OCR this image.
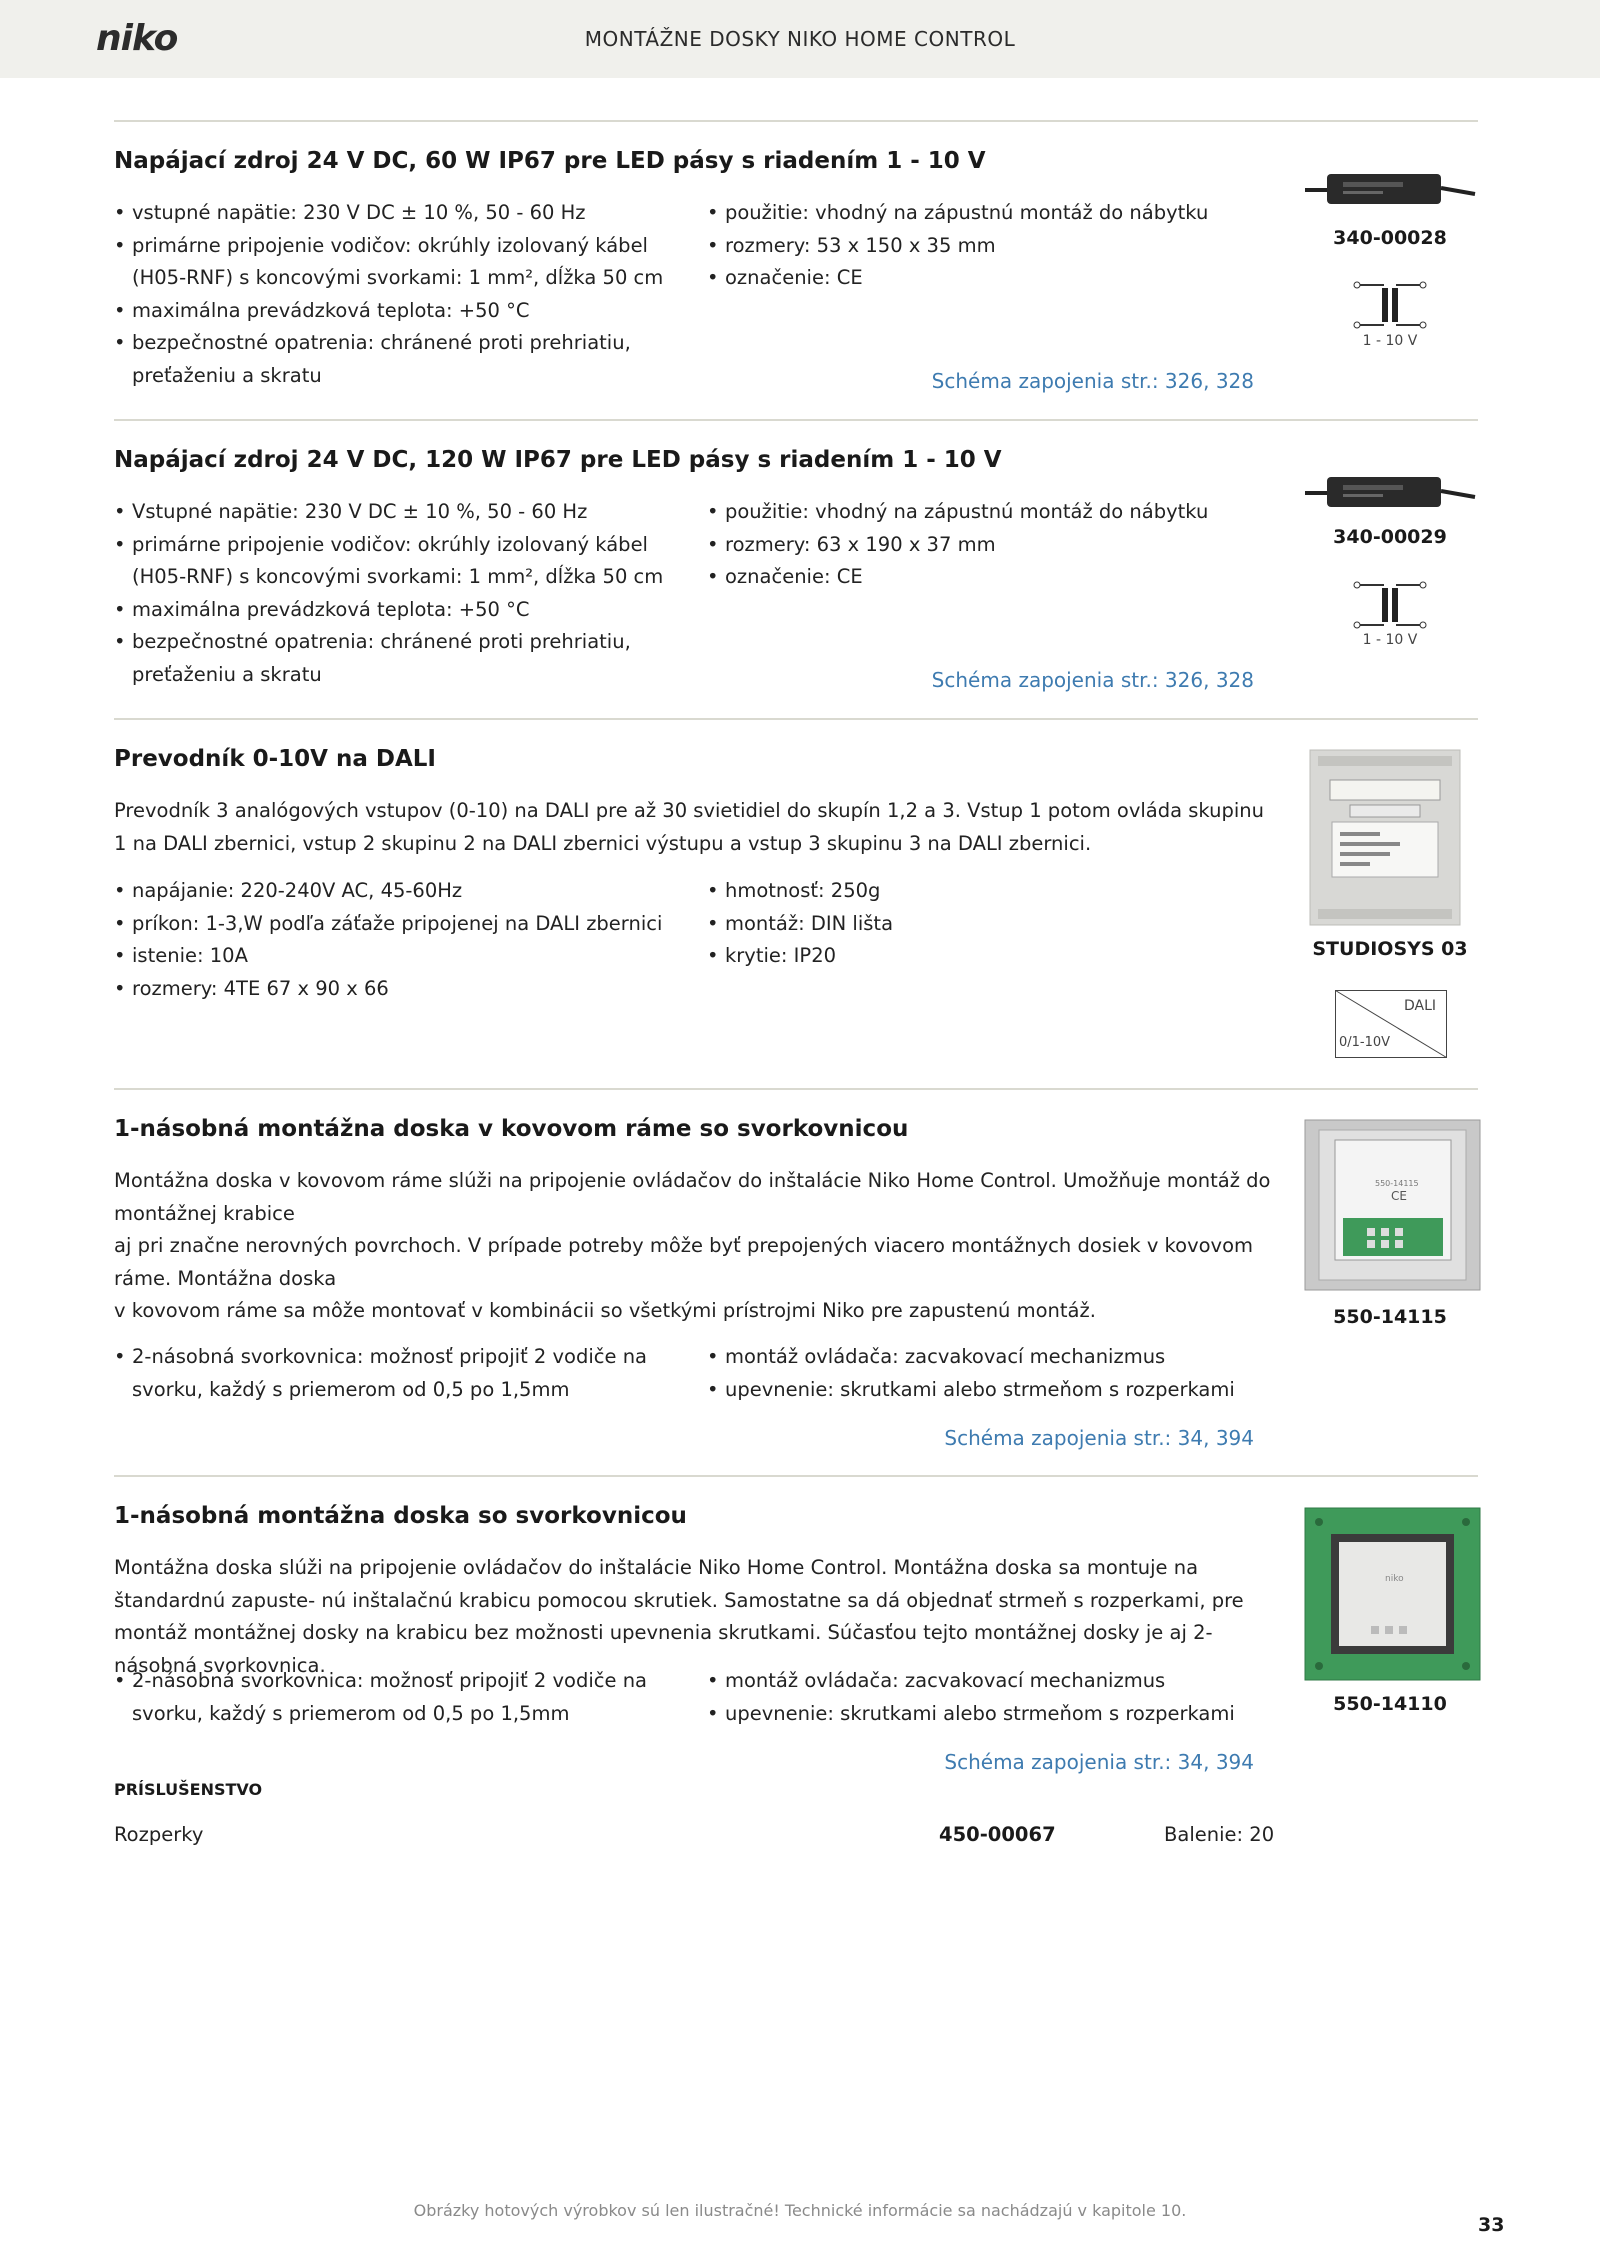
niko	MONTÁŽNE DOSKY NIKO HOME CONTROL
Napájací zdroj 24 V DC, 60 W IP67 pre LED pásy s riadením 1 - 10 V
• vstupné napätie: 230 V DC ± 10 %, 50 - 60 Hz
• primárne pripojenie vodičov: okrúhly izolovaný kábel (H05-RNF) s koncovými svorkami: 1 mm², dĺžka 50 cm
• maximálna prevádzková teplota: +50 °C
• bezpečnostné opatrenia: chránené proti prehriatiu, preťaženiu a skratu
• použitie: vhodný na zápustnú montáž do nábytku
• rozmery: 53 x 150 x 35 mm
• označenie: CE
Schéma zapojenia str.: 326, 328
340-00028
1 - 10 V
Napájací zdroj 24 V DC, 120 W IP67 pre LED pásy s riadením 1 - 10 V
• Vstupné napätie: 230 V DC ± 10 %, 50 - 60 Hz
• primárne pripojenie vodičov: okrúhly izolovaný kábel (H05-RNF) s koncovými svorkami: 1 mm², dĺžka 50 cm
• maximálna prevádzková teplota: +50 °C
• bezpečnostné opatrenia: chránené proti prehriatiu, preťaženiu a skratu
• použitie: vhodný na zápustnú montáž do nábytku
• rozmery: 63 x 190 x 37 mm
• označenie: CE
Schéma zapojenia str.: 326, 328
340-00029
1 - 10 V
Prevodník 0-10V na DALI

Prevodník 3 analógových vstupov (0-10) na DALI pre až 30 svietidiel do skupín 1,2 a 3. Vstup 1 potom ovláda skupinu 1 na DALI zbernici, vstup 2 skupinu 2 na DALI zbernici výstupu a vstup 3 skupinu 3 na DALI zbernici.

• napájanie: 220-240V AC, 45-60Hz
• príkon: 1-3,W podľa záťaže pripojenej na DALI zbernici
• istenie: 10A
• rozmery: 4TE 67 x 90 x 66
• hmotnosť: 250g
• montáž: DIN lišta
• krytie: IP20	STUDIOSYS 03
DALI
0/1-10V
1-násobná montážna doska v kovovom ráme so svorkovnicou

Montážna doska v kovovom ráme slúži na pripojenie ovládačov do inštalácie Niko Home Control. Umožňuje montáž do montážnej krabice

aj pri značne nerovných povrchoch. V prípade potreby môže byť prepojených viacero montážnych dosiek v kovovom ráme. Montážna doska

v kovovom ráme sa môže montovať v kombinácii so všetkými prístrojmi Niko pre zapustenú montáž.

• 2-násobná svorkovnica: možnosť pripojiť 2 vodiče na svorku, každý s priemerom od 0,5 po 1,5mm
• montáž ovládača: zacvakovací mechanizmus
• upevnenie: skrutkami alebo strmeňom s rozperkami
Schéma zapojenia str.: 34, 394
550-14115
CE
550-14115
1-násobná montážna doska so svorkovnicou

Montážna doska slúži na pripojenie ovládačov do inštalácie Niko Home Control. Montážna doska sa montuje na štandardnú zapuste- nú inštalačnú krabicu pomocou skrutiek. Samostatne sa dá objednať strmeň s rozperkami, pre montáž montážnej dosky na krabicu bez možnosti upevnenia skrutkami. Súčasťou tejto montážnej dosky je aj 2-násobná svorkovnica.

• 2-násobná svorkovnica: možnosť pripojiť 2 vodiče na svorku, každý s priemerom od 0,5 po 1,5mm
• montáž ovládača: zacvakovací mechanizmus
• upevnenie: skrutkami alebo strmeňom s rozperkami
Schéma zapojenia str.: 34, 394
niko
550-14110
PRÍSLUŠENSTVO
Rozperky	450-00067	Balenie: 20
Obrázky hotových výrobkov sú len ilustračné! Technické informácie sa nachádzajú v kapitole 10.
33
